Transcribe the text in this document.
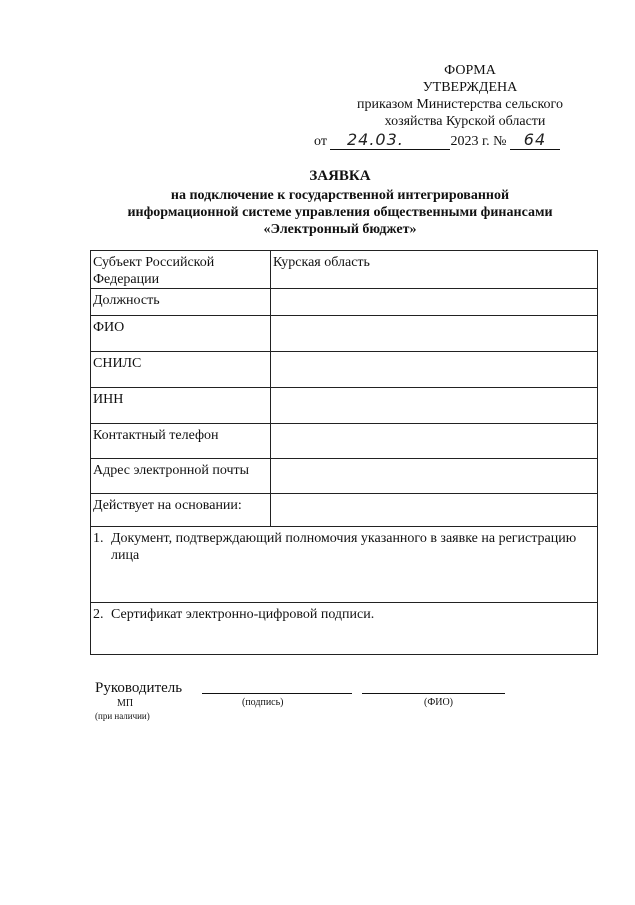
ФОРМА
УТВЕРЖДЕНА
приказом Министерства сельского
хозяйства Курской области
от 24.03.	2023 г. № 64
ЗАЯВКА
на подключение к государственной интегрированной
информационной системе управления общественными финансами
«Электронный бюджет»
Субъект Российской Федерации	Курская область
Должность	
ФИО	
СНИЛС	
ИНН	
Контактный телефон	
Адрес электронной почты	
Действует на основании:	

1. Документ, подтверждающий полномочия указанного в заявке на регистрацию лица	

2. Сертификат электронно-цифровой подписи.	
Руководитель
МП
(при наличии)
(подпись)	(ФИО)
